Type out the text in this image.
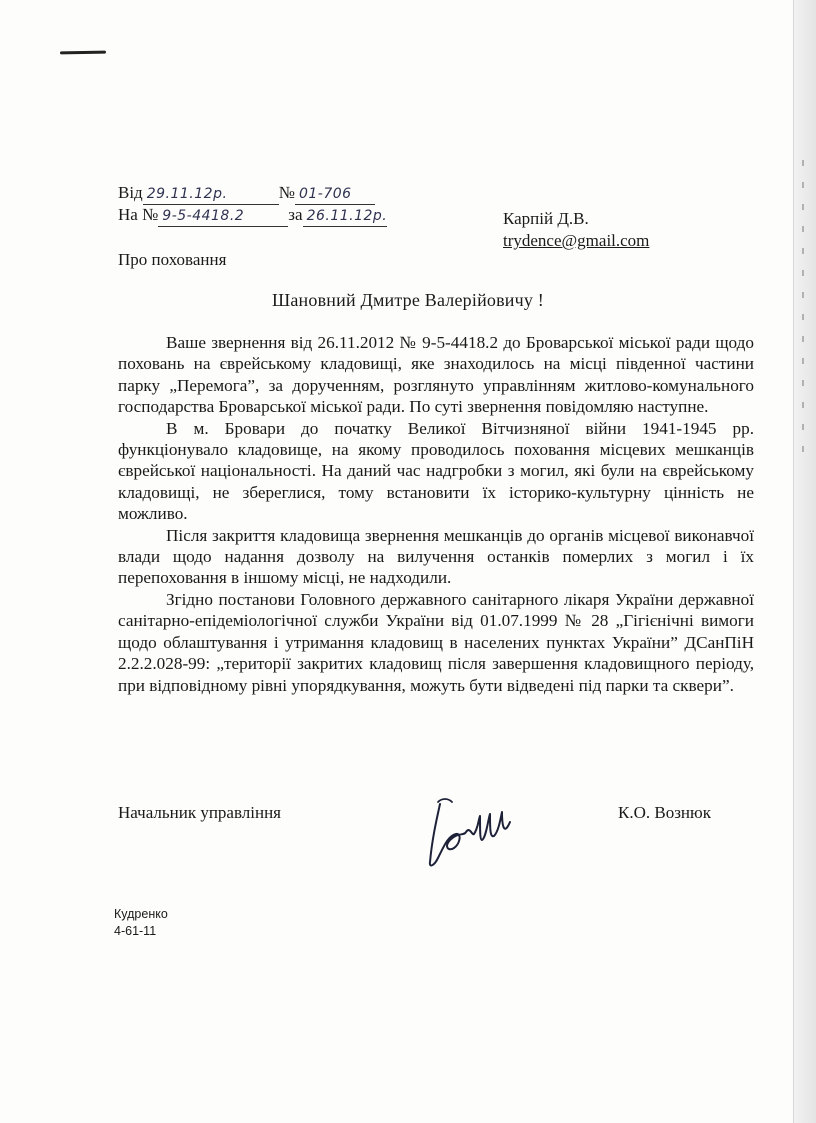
Від 29.11.12р.	№ 01-706
На № 9-5-4418.2	за 26.11.12р.	Карпій Д.В.
trydence@gmail.com
Про поховання
Шановний Дмитре Валерійовичу !

Ваше звернення від 26.11.2012 № 9-5-4418.2 до Броварської міської ради щодо поховань на єврейському кладовищі, яке знаходилось на місці південної частини парку „Перемога”, за дорученням, розглянуто управлінням житлово-комунального господарства Броварської міської ради. По суті звернення повідомляю наступне.

В м. Бровари до початку Великої Вітчизняної війни 1941-1945 рр. функціонувало кладовище, на якому проводилось поховання місцевих мешканців єврейської національності. На даний час надгробки з могил, які були на єврейському кладовищі, не збереглися, тому встановити їх історико-культурну цінність не можливо.

Після закриття кладовища звернення мешканців до органів місцевої виконавчої влади щодо надання дозволу на вилучення останків померлих з могил і їх перепоховання в іншому місці, не надходили.

Згідно постанови Головного державного санітарного лікаря України державної санітарно-епідеміологічної служби України від 01.07.1999 № 28 „Гігієнічні вимоги щодо облаштування і утримання кладовищ в населених пунктах України” ДСанПіН 2.2.2.028-99: „території закритих кладовищ після завершення кладовищного періоду, при відповідному рівні упорядкування, можуть бути відведені під парки та сквери”.

Начальник управління	К.О. Вознюк
Кудренко
4-61-11
